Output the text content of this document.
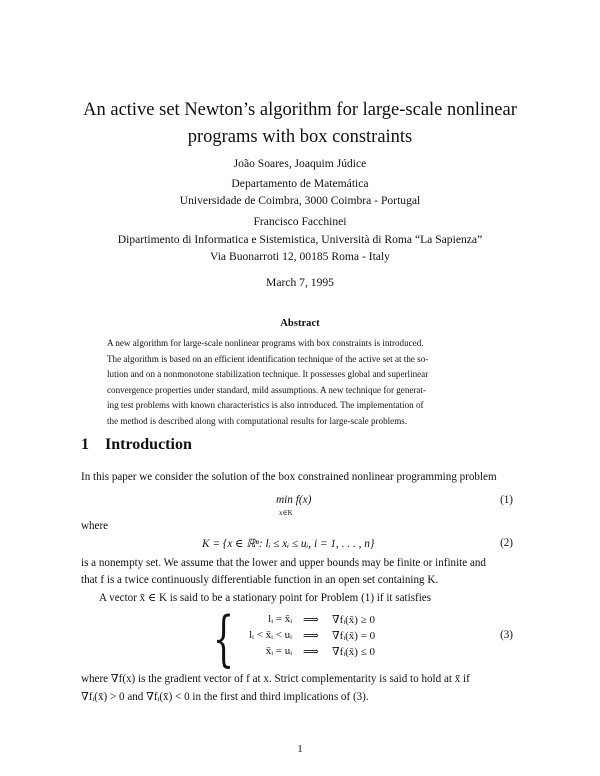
An active set Newton’s algorithm for large-scale nonlinear
programs with box constraints
João Soares, Joaquim Júdice
Departamento de Matemática
Universidade de Coimbra, 3000 Coimbra - Portugal
Francisco Facchinei
Dipartimento di Informatica e Sistemistica, Università di Roma “La Sapienza”
Via Buonarroti 12, 00185 Roma - Italy
March 7, 1995
Abstract
A new algorithm for large-scale nonlinear programs with box constraints is introduced.
The algorithm is based on an efficient identification technique of the active set at the so-
lution and on a nonmonotone stabilization technique. It possesses global and superlinear
convergence properties under standard, mild assumptions. A new technique for generat-
ing test problems with known characteristics is also introduced. The implementation of
the method is described along with computational results for large-scale problems.
1 Introduction
In this paper we consider the solution of the box constrained nonlinear programming problem
min f(x)
x∈K
(1)
where
K = {x ∈ ℝⁿ: lᵢ ≤ xᵢ ≤ uᵢ, i = 1, . . . , n}	(2)
is a nonempty set. We assume that the lower and upper bounds may be finite or infinite and
that f is a twice continuously differentiable function in an open set containing K.
A vector x̄ ∈ K is said to be a stationary point for Problem (1) if it satisfies
{	lᵢ = x̄ᵢ ⟹ ∇fᵢ(x̄) ≥ 0
lᵢ < x̄ᵢ < uᵢ ⟹ ∇fᵢ(x̄) = 0
x̄ᵢ = uᵢ ⟹ ∇fᵢ(x̄) ≤ 0
(3)
where ∇f(x) is the gradient vector of f at x. Strict complementarity is said to hold at x̄ if
∇fᵢ(x̄) > 0 and ∇fᵢ(x̄) < 0 in the first and third implications of (3).
1
